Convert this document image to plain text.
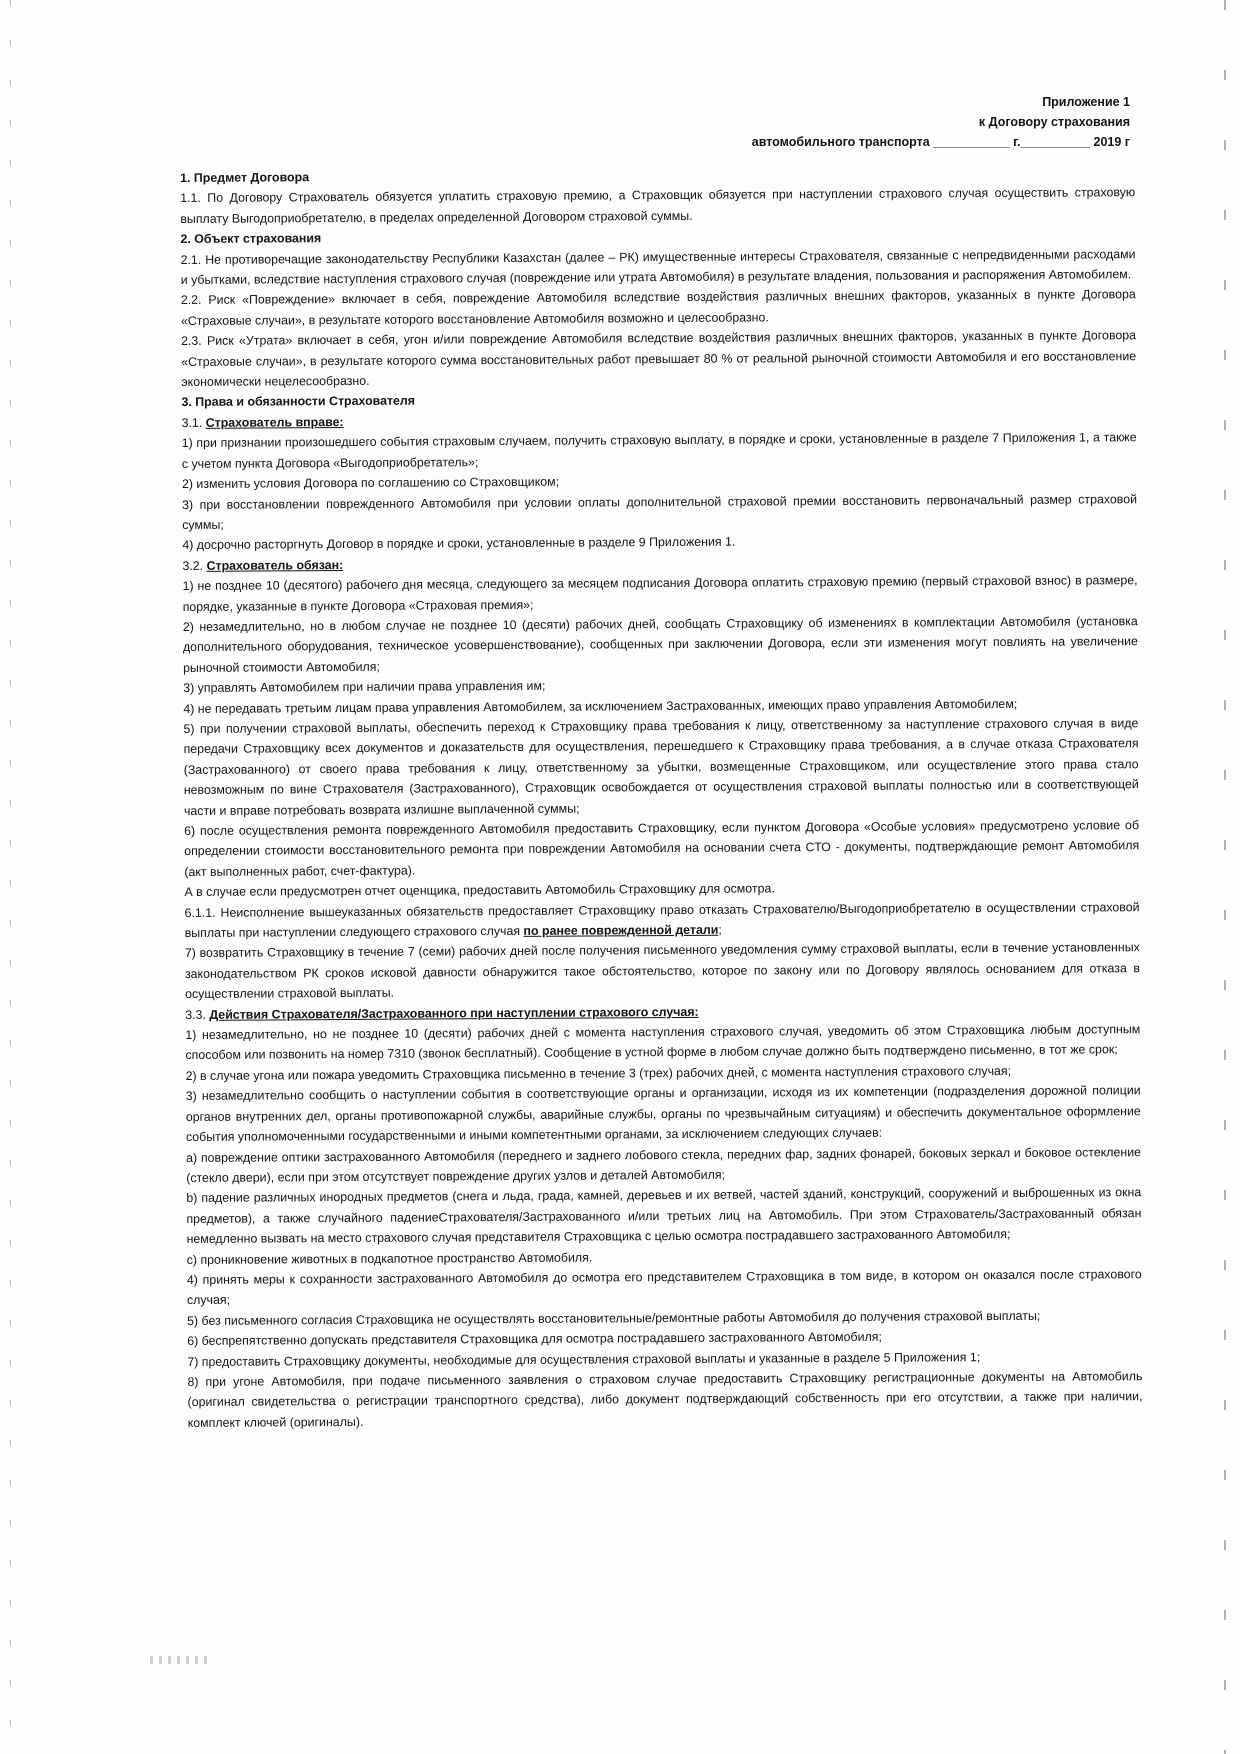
Приложение 1
к Договору страхования
автомобильного транспорта ___________ г.__________ 2019 г
1. Предмет Договора

1.1. По Договору Страхователь обязуется уплатить страховую премию, а Страховщик обязуется при наступлении страхового случая осуществить страховую выплату Выгодоприобретателю, в пределах определенной Договором страховой суммы.

2. Объект страхования

2.1. Не противоречащие законодательству Республики Казахстан (далее – РК) имущественные интересы Страхователя, связанные с непредвиденными расходами и убытками, вследствие наступления страхового случая (повреждение или утрата Автомобиля) в результате владения, пользования и распоряжения Автомобилем.

2.2. Риск «Повреждение» включает в себя, повреждение Автомобиля вследствие воздействия различных внешних факторов, указанных в пункте Договора «Страховые случаи», в результате которого восстановление Автомобиля возможно и целесообразно.

2.3. Риск «Утрата» включает в себя, угон и/или повреждение Автомобиля вследствие воздействия различных внешних факторов, указанных в пункте Договора «Страховые случаи», в результате которого сумма восстановительных работ превышает 80 % от реальной рыночной стоимости Автомобиля и его восстановление экономически нецелесообразно.

3. Права и обязанности Страхователя

3.1. Страхователь вправе:

1) при признании произошедшего события страховым случаем, получить страховую выплату, в порядке и сроки, установленные в разделе 7 Приложения 1, а также с учетом пункта Договора «Выгодоприобретатель»;

2) изменить условия Договора по соглашению со Страховщиком;

3) при восстановлении поврежденного Автомобиля при условии оплаты дополнительной страховой премии восстановить первоначальный размер страховой суммы;

4) досрочно расторгнуть Договор в порядке и сроки, установленные в разделе 9 Приложения 1.

3.2. Страхователь обязан:

1) не позднее 10 (десятого) рабочего дня месяца, следующего за месяцем подписания Договора оплатить страховую премию (первый страховой взнос) в размере, порядке, указанные в пункте Договора «Страховая премия»;

2) незамедлительно, но в любом случае не позднее 10 (десяти) рабочих дней, сообщать Страховщику об изменениях в комплектации Автомобиля (установка дополнительного оборудования, техническое усовершенствование), сообщенных при заключении Договора, если эти изменения могут повлиять на увеличение рыночной стоимости Автомобиля;

3) управлять Автомобилем при наличии права управления им;

4) не передавать третьим лицам права управления Автомобилем, за исключением Застрахованных, имеющих право управления Автомобилем;

5) при получении страховой выплаты, обеспечить переход к Страховщику права требования к лицу, ответственному за наступление страхового случая в виде передачи Страховщику всех документов и доказательств для осуществления, перешедшего к Страховщику права требования, а в случае отказа Страхователя (Застрахованного) от своего права требования к лицу, ответственному за убытки, возмещенные Страховщиком, или осуществление этого права стало невозможным по вине Страхователя (Застрахованного), Страховщик освобождается от осуществления страховой выплаты полностью или в соответствующей части и вправе потребовать возврата излишне выплаченной суммы;

6) после осуществления ремонта поврежденного Автомобиля предоставить Страховщику, если пунктом Договора «Особые условия» предусмотрено условие об определении стоимости восстановительного ремонта при повреждении Автомобиля на основании счета СТО - документы, подтверждающие ремонт Автомобиля (акт выполненных работ, счет-фактура).

А в случае если предусмотрен отчет оценщика, предоставить Автомобиль Страховщику для осмотра.

6.1.1. Неисполнение вышеуказанных обязательств предоставляет Страховщику право отказать Страхователю/Выгодоприобретателю в осуществлении страховой выплаты при наступлении следующего страхового случая по ранее поврежденной детали;

7) возвратить Страховщику в течение 7 (семи) рабочих дней после получения письменного уведомления сумму страховой выплаты, если в течение установленных законодательством РК сроков исковой давности обнаружится такое обстоятельство, которое по закону или по Договору являлось основанием для отказа в осуществлении страховой выплаты.

3.3. Действия Страхователя/Застрахованного при наступлении страхового случая:

1) незамедлительно, но не позднее 10 (десяти) рабочих дней с момента наступления страхового случая, уведомить об этом Страховщика любым доступным способом или позвонить на номер 7310 (звонок бесплатный). Сообщение в устной форме в любом случае должно быть подтверждено письменно, в тот же срок;

2) в случае угона или пожара уведомить Страховщика письменно в течение 3 (трех) рабочих дней, с момента наступления страхового случая;

3) незамедлительно сообщить о наступлении события в соответствующие органы и организации, исходя из их компетенции (подразделения дорожной полиции органов внутренних дел, органы противопожарной службы, аварийные службы, органы по чрезвычайным ситуациям) и обеспечить документальное оформление события уполномоченными государственными и иными компетентными органами, за исключением следующих случаев:

a) повреждение оптики застрахованного Автомобиля (переднего и заднего лобового стекла, передних фар, задних фонарей, боковых зеркал и боковое остекление (стекло двери), если при этом отсутствует повреждение других узлов и деталей Автомобиля;

b) падение различных инородных предметов (снега и льда, града, камней, деревьев и их ветвей, частей зданий, конструкций, сооружений и выброшенных из окна предметов), а также случайного падениеСтрахователя/Застрахованного и/или третьих лиц на Автомобиль. При этом Страхователь/Застрахованный обязан немедленно вызвать на место страхового случая представителя Страховщика с целью осмотра пострадавшего застрахованного Автомобиля;

c) проникновение животных в подкапотное пространство Автомобиля.

4) принять меры к сохранности застрахованного Автомобиля до осмотра его представителем Страховщика в том виде, в котором он оказался после страхового случая;

5) без письменного согласия Страховщика не осуществлять восстановительные/ремонтные работы Автомобиля до получения страховой выплаты;

6) беспрепятственно допускать представителя Страховщика для осмотра пострадавшего застрахованного Автомобиля;

7) предоставить Страховщику документы, необходимые для осуществления страховой выплаты и указанные в разделе 5 Приложения 1;

8) при угоне Автомобиля, при подаче письменного заявления о страховом случае предоставить Страховщику регистрационные документы на Автомобиль (оригинал свидетельства о регистрации транспортного средства), либо документ подтверждающий собственность при его отсутствии, а также при наличии, комплект ключей (оригиналы).
